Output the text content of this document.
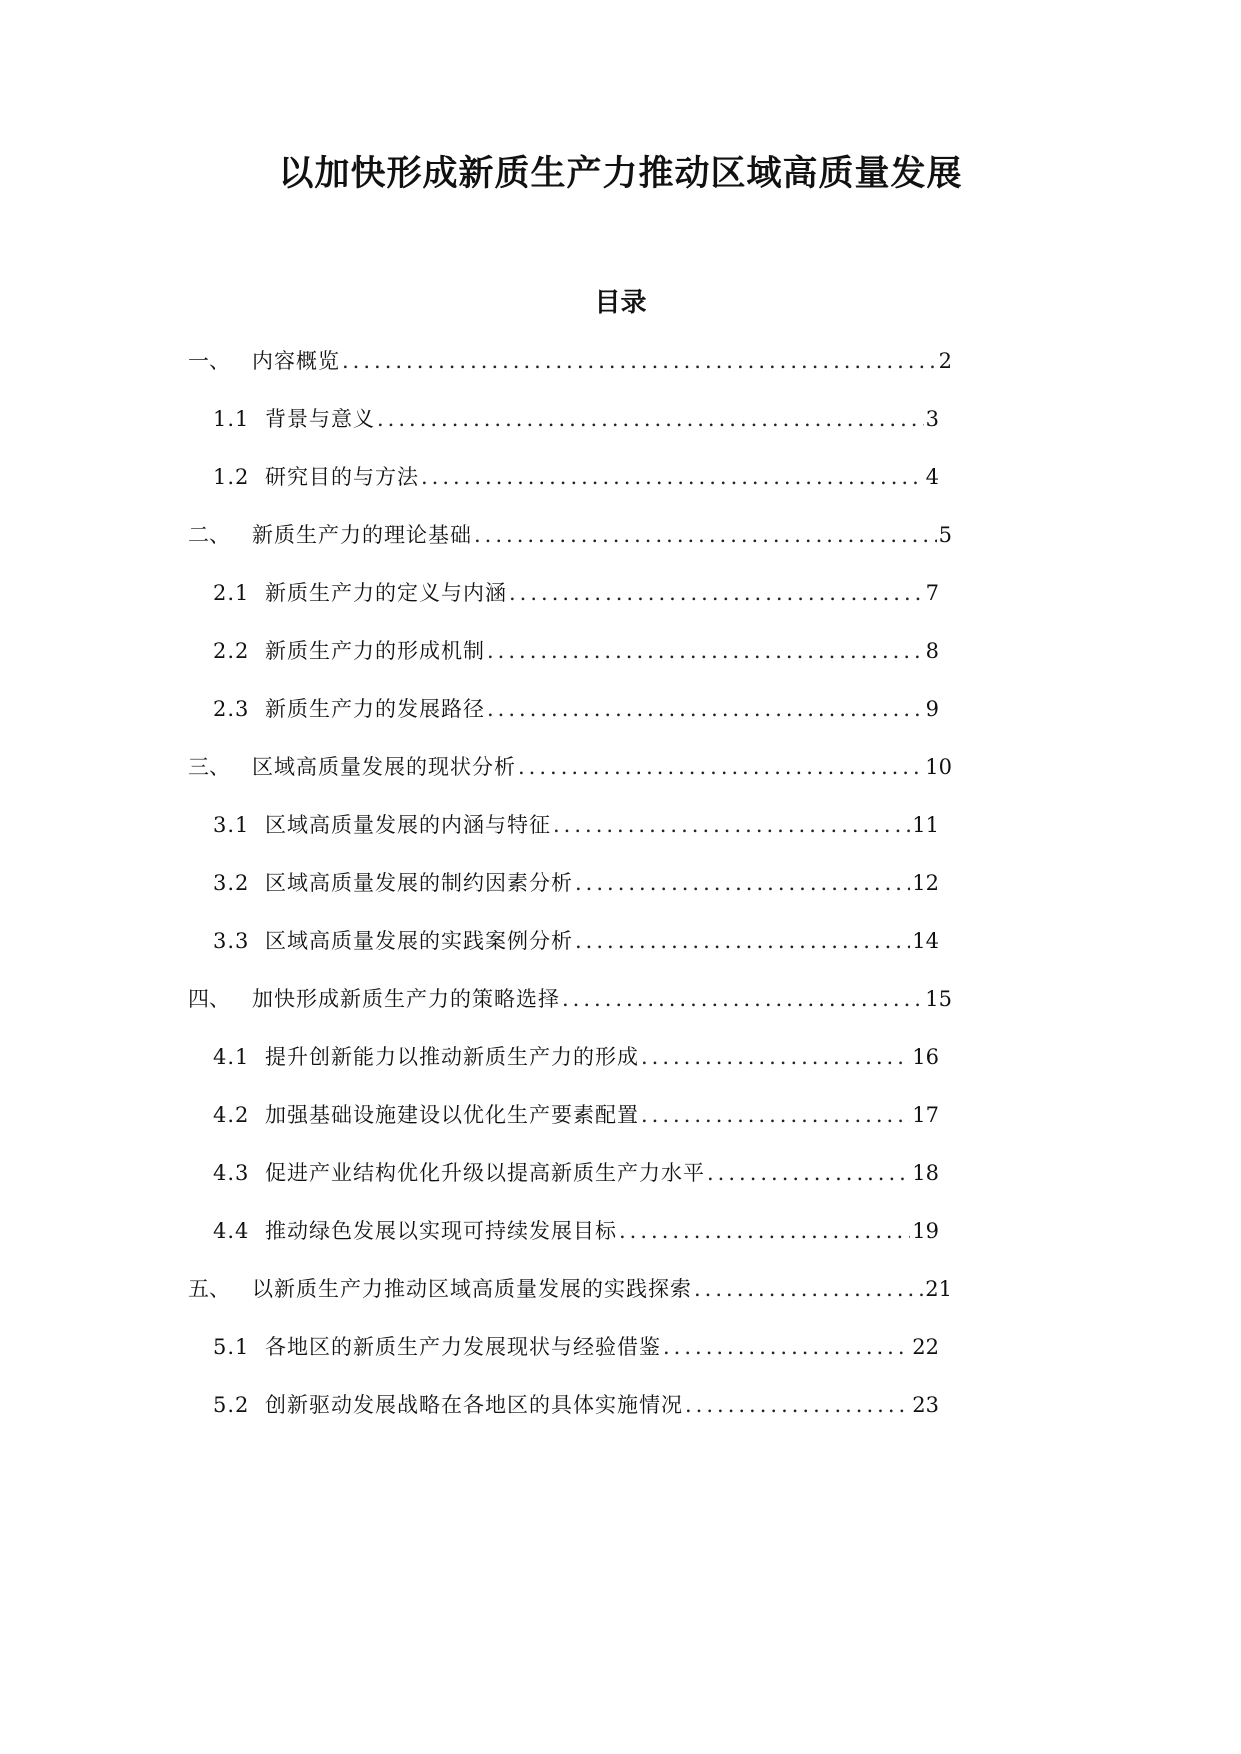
以加快形成新质生产力推动区域高质量发展
目录
一、	内容概览 .....	2
1.1 背景与意义 .....	3
1.2 研究目的与方法 .....	4
二、	新质生产力的理论基础 .....	5
2.1 新质生产力的定义与内涵 .....	7
2.2 新质生产力的形成机制 .....	8
2.3 新质生产力的发展路径 .....	9
三、	区域高质量发展的现状分析 .....	10
3.1 区域高质量发展的内涵与特征 .....	11
3.2 区域高质量发展的制约因素分析 .....	12
3.3 区域高质量发展的实践案例分析 .....	14
四、	加快形成新质生产力的策略选择 .....	15
4.1 提升创新能力以推动新质生产力的形成 .....	16
4.2 加强基础设施建设以优化生产要素配置 .....	17
4.3 促进产业结构优化升级以提高新质生产力水平 .....	18
4.4 推动绿色发展以实现可持续发展目标 .....	19
五、	以新质生产力推动区域高质量发展的实践探索 .....	21
5.1 各地区的新质生产力发展现状与经验借鉴 .....	22
5.2 创新驱动发展战略在各地区的具体实施情况 .....	23
